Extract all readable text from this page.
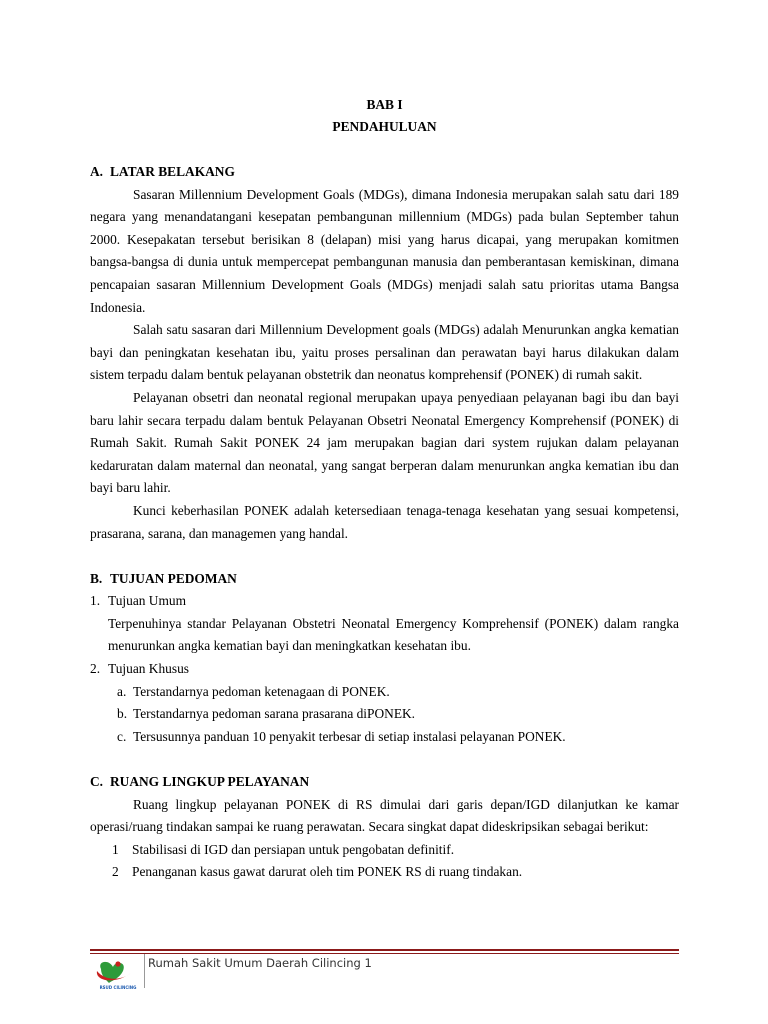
BAB I
PENDAHULUAN
A. LATAR BELAKANG

Sasaran Millennium Development Goals (MDGs), dimana Indonesia merupakan salah satu dari 189 negara yang menandatangani kesepatan pembangunan millennium (MDGs) pada bulan September tahun 2000. Kesepakatan tersebut berisikan 8 (delapan) misi yang harus dicapai, yang merupakan komitmen bangsa-bangsa di dunia untuk mempercepat pembangunan manusia dan pemberantasan kemiskinan, dimana pencapaian sasaran Millennium Development Goals (MDGs) menjadi salah satu prioritas utama Bangsa Indonesia.

Salah satu sasaran dari Millennium Development goals (MDGs) adalah Menurunkan angka kematian bayi dan peningkatan kesehatan ibu, yaitu proses persalinan dan perawatan bayi harus dilakukan dalam sistem terpadu dalam bentuk pelayanan obstetrik dan neonatus komprehensif (PONEK) di rumah sakit.

Pelayanan obsetri dan neonatal regional merupakan upaya penyediaan pelayanan bagi ibu dan bayi baru lahir secara terpadu dalam bentuk Pelayanan Obsetri Neonatal Emergency Komprehensif (PONEK) di Rumah Sakit. Rumah Sakit PONEK 24 jam merupakan bagian dari system rujukan dalam pelayanan kedaruratan dalam maternal dan neonatal, yang sangat berperan dalam menurunkan angka kematian ibu dan bayi baru lahir.

Kunci keberhasilan PONEK adalah ketersediaan tenaga-tenaga kesehatan yang sesuai kompetensi, prasarana, sarana, dan managemen yang handal.

B. TUJUAN PEDOMAN
1. Tujuan Umum

Terpenuhinya standar Pelayanan Obstetri Neonatal Emergency Komprehensif (PONEK) dalam rangka menurunkan angka kematian bayi dan meningkatkan kesehatan ibu.

2. Tujuan Khusus
a. Terstandarnya pedoman ketenagaan di PONEK.
b. Terstandarnya pedoman sarana prasarana diPONEK.
c. Tersusunnya panduan 10 penyakit terbesar di setiap instalasi pelayanan PONEK.
C. RUANG LINGKUP PELAYANAN

Ruang lingkup pelayanan PONEK di RS dimulai dari garis depan/IGD dilanjutkan ke kamar operasi/ruang tindakan sampai ke ruang perawatan. Secara singkat dapat dideskripsikan sebagai berikut:

1 Stabilisasi di IGD dan persiapan untuk pengobatan definitif.
2 Penanganan kasus gawat darurat oleh tim PONEK RS di ruang tindakan.
RSUD CILINCING
Rumah Sakit Umum Daerah Cilincing 1
